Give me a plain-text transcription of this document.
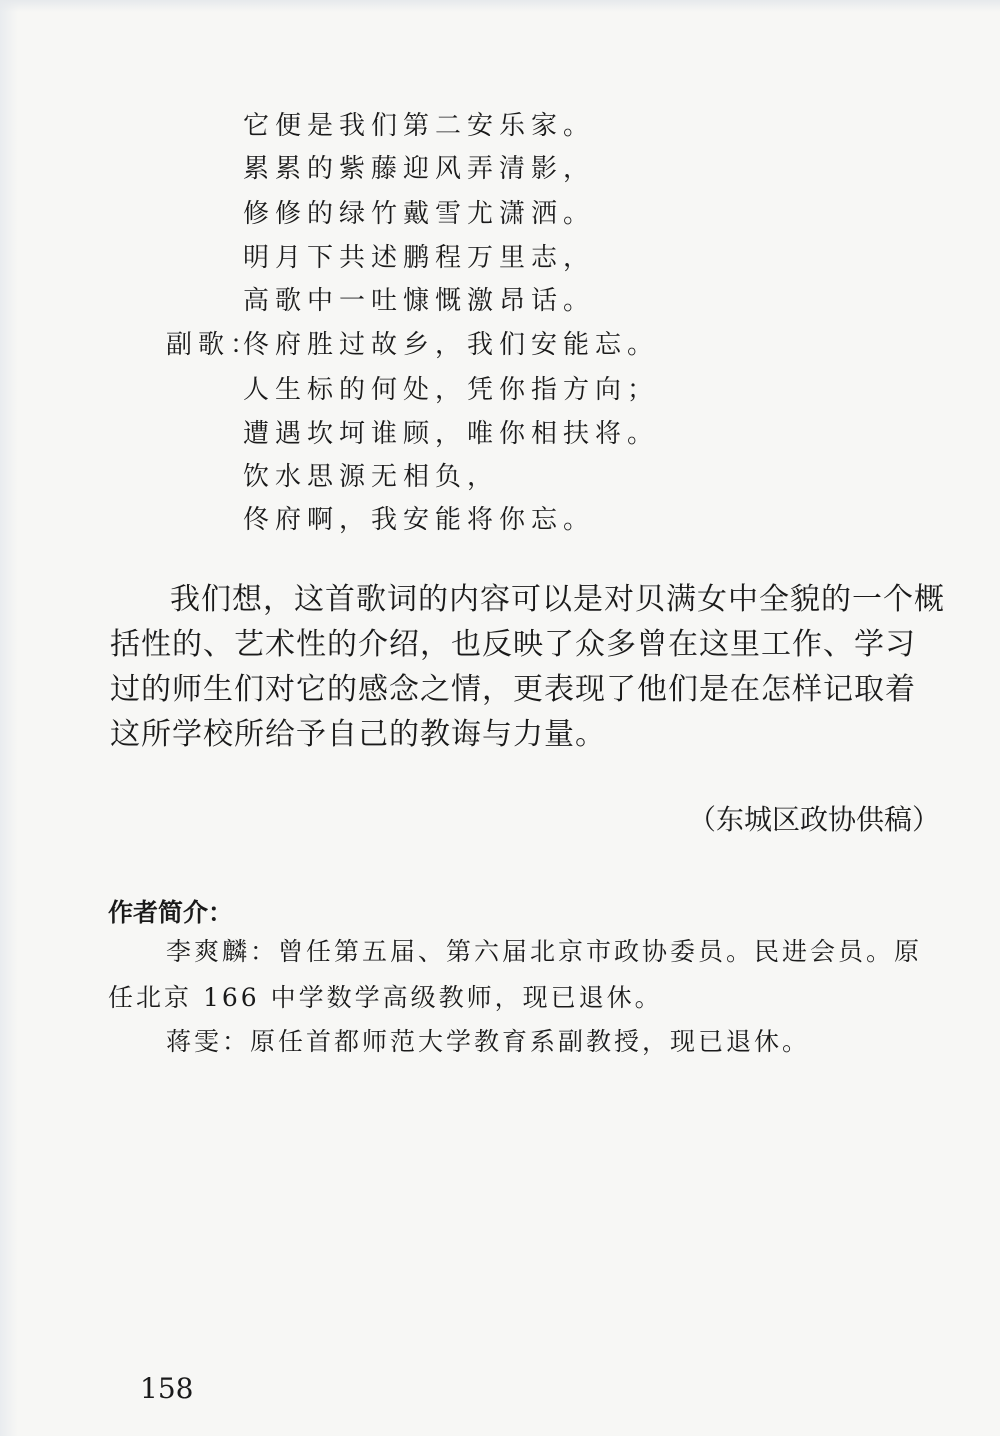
它便是我们第二安乐家。
累累的紫藤迎风弄清影，
修修的绿竹戴雪尤潇洒。
明月下共述鹏程万里志，
高歌中一吐慷慨激昂话。
副歌：
佟府胜过故乡，我们安能忘。
人生标的何处，凭你指方向；
遭遇坎坷谁顾，唯你相扶将。
饮水思源无相负，
佟府啊，我安能将你忘。

我们想，这首歌词的内容可以是对贝满女中全貌的一个概括性的、艺术性的介绍，也反映了众多曾在这里工作、学习过的师生们对它的感念之情，更表现了他们是在怎样记取着这所学校所给予自己的教诲与力量。

（东城区政协供稿）
作者简介：

李爽麟：曾任第五届、第六届北京市政协委员。民进会员。原任北京 166 中学数学高级教师，现已退休。

蒋雯：原任首都师范大学教育系副教授，现已退休。

158
